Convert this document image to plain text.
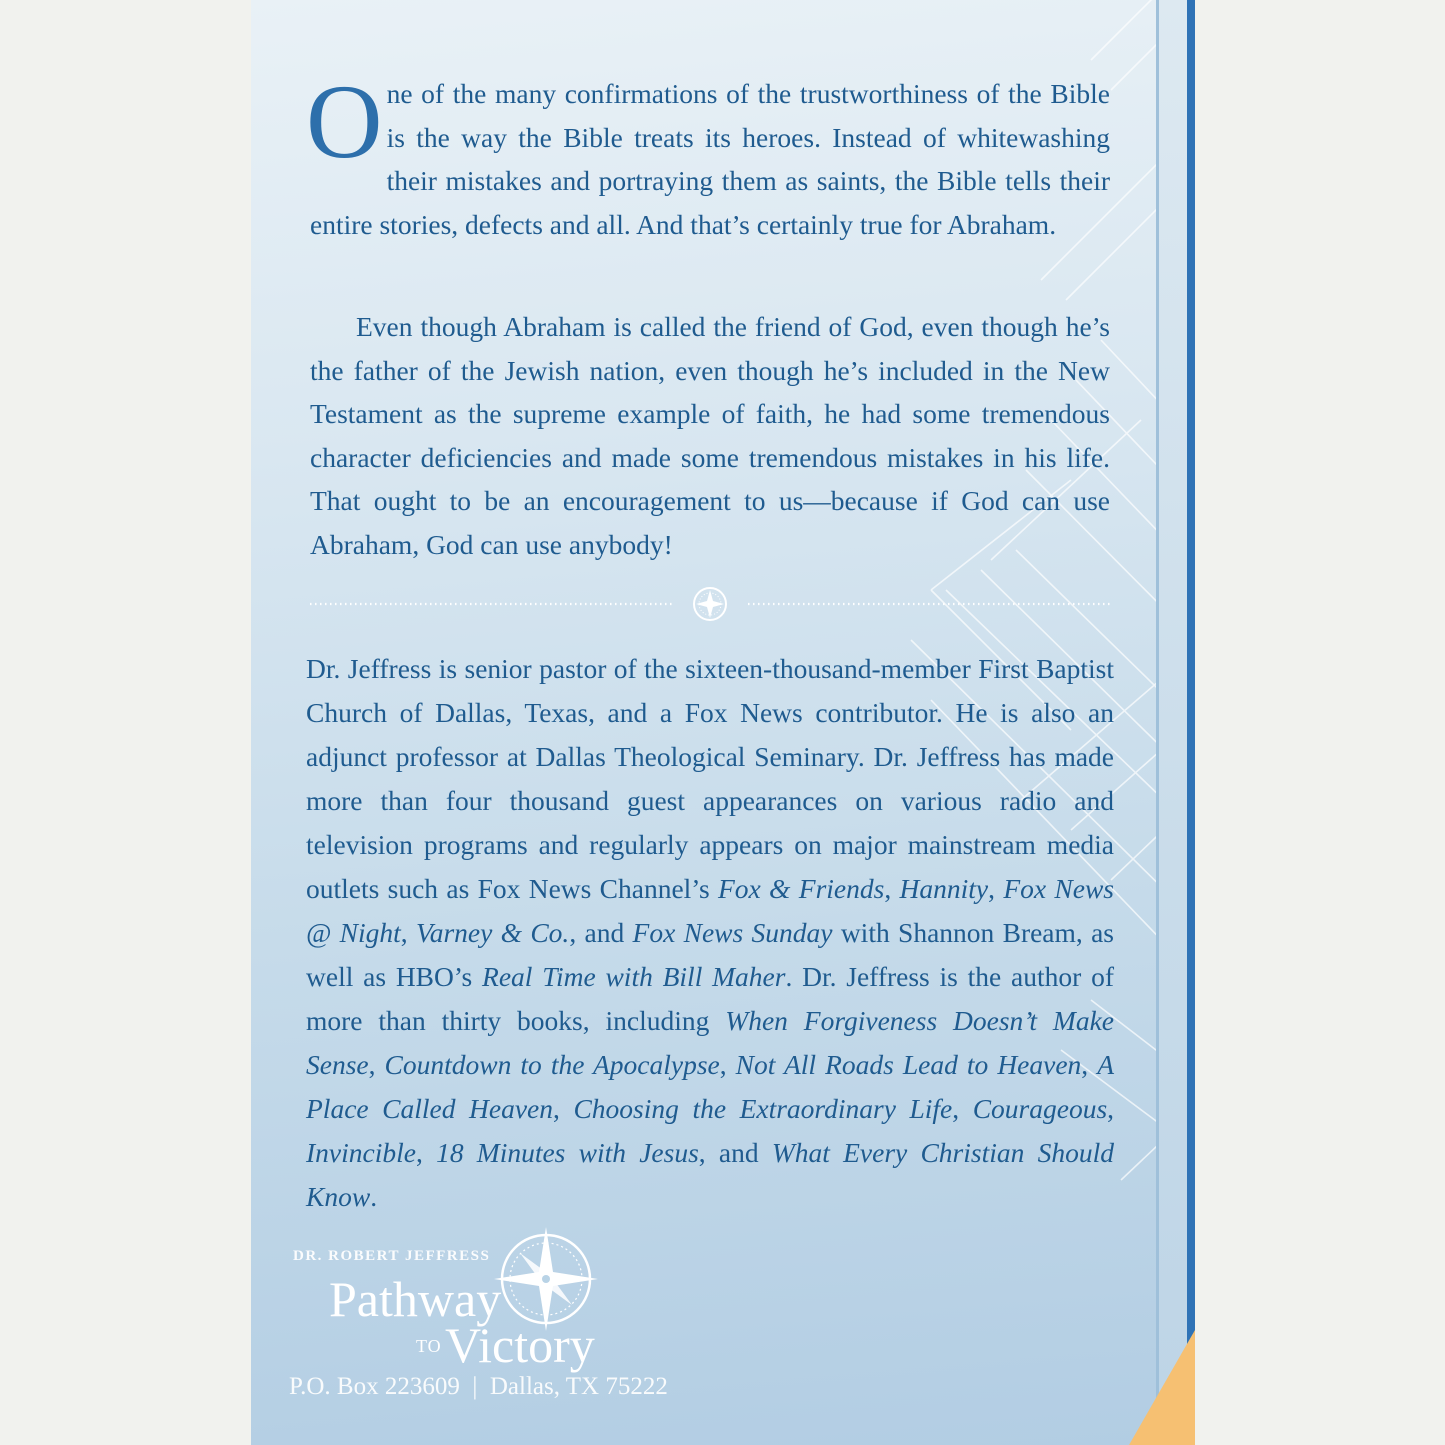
One of the many confirmations of the trustworthiness of the Bible is the way the Bible treats its heroes. Instead of whitewashing their mistakes and portraying them as saints, the Bible tells their entire stories, defects and all. And that’s certainly true for Abraham.

Even though Abraham is called the friend of God, even though he’s the father of the Jewish nation, even though he’s included in the New Testament as the supreme example of faith, he had some tremendous character deficiencies and made some tremendous mistakes in his life. That ought to be an encouragement to us—because if God can use Abraham, God can use anybody!

Dr. Jeffress is senior pastor of the sixteen-thousand-member First Baptist Church of Dallas, Texas, and a Fox News contributor. He is also an adjunct professor at Dallas Theological Seminary. Dr. Jeffress has made more than four thousand guest appearances on various radio and television programs and regularly appears on major mainstream media outlets such as Fox News Channel’s Fox & Friends, Hannity, Fox News @ Night, Varney & Co., and Fox News Sunday with Shannon Bream, as well as HBO’s Real Time with Bill Maher. Dr. Jeffress is the author of more than thirty books, including When Forgiveness Doesn’t Make Sense, Countdown to the Apocalypse, Not All Roads Lead to Heaven, A Place Called Heaven, Choosing the Extraordinary Life, Courageous, Invincible, 18 Minutes with Jesus, and What Every Christian Should Know.

DR. ROBERT JEFFRESS
Pathway
TO Victory
P.O. Box 223609  |  Dallas, TX 75222
